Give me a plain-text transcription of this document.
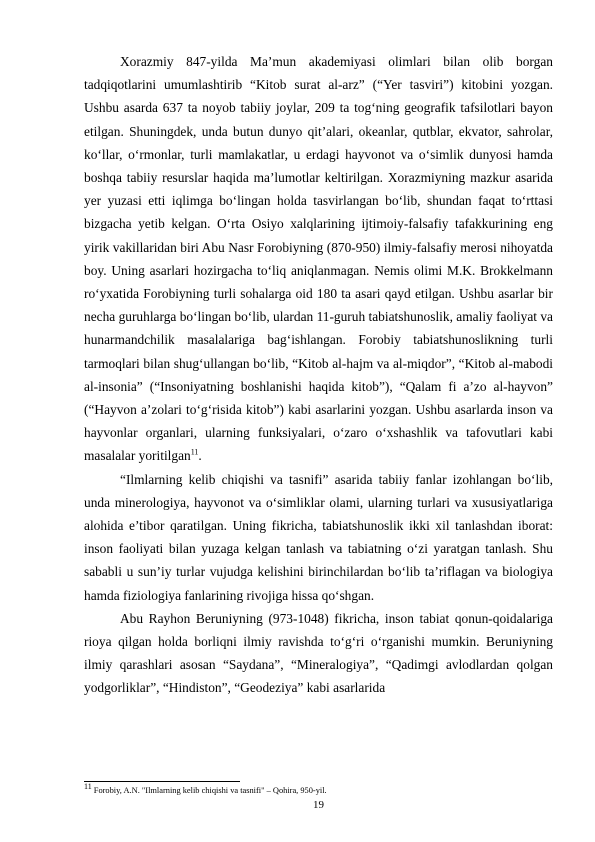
Xorazmiy 847-yilda Ma’mun akademiyasi olimlari bilan olib borgan tadqiqotlarini umumlashtirib “Kitob surat al-arz” (“Yer tasviri”) kitobini yozgan. Ushbu asarda 637 ta noyob tabiiy joylar, 209 ta tog‘ning geografik tafsilotlari bayon etilgan. Shuningdek, unda butun dunyo qit’alari, okeanlar, qutblar, ekvator, sahrolar, ko‘llar, o‘rmonlar, turli mamlakatlar, u erdagi hayvonot va o‘simlik dunyosi hamda boshqa tabiiy resurslar haqida ma’lumotlar keltirilgan. Xorazmiyning mazkur asarida yer yuzasi etti iqlimga bo‘lingan holda tasvirlangan bo‘lib, shundan faqat to‘rttasi bizgacha yetib kelgan. O‘rta Osiyo xalqlarining ijtimoiy-falsafiy tafakkurining eng yirik vakillaridan biri Abu Nasr Forobiyning (870-950) ilmiy-falsafiy merosi nihoyatda boy. Uning asarlari hozirgacha to‘liq aniqlanmagan. Nemis olimi M.K. Brokkelmann ro‘yxatida Forobiyning turli sohalarga oid 180 ta asari qayd etilgan. Ushbu asarlar bir necha guruhlarga bo‘lingan bo‘lib, ulardan 11-guruh tabiatshunoslik, amaliy faoliyat va hunarmandchilik masalalariga bag‘ishlangan. Forobiy tabiatshunoslikning turli tarmoqlari bilan shug‘ullangan bo‘lib, “Kitob al-hajm va al-miqdor”, “Kitob al-mabodi al-insonia” (“Insoniyatning boshlanishi haqida kitob”), “Qalam fi a’zo al-hayvon” (“Hayvon a’zolari to‘g‘risida kitob”) kabi asarlarini yozgan. Ushbu asarlarda inson va hayvonlar organlari, ularning funksiyalari, o‘zaro o‘xshashlik va tafovutlari kabi masalalar yoritilgan$^{11}$.

“Ilmlarning kelib chiqishi va tasnifi” asarida tabiiy fanlar izohlangan bo‘lib, unda minerologiya, hayvonot va o‘simliklar olami, ularning turlari va xususiyatlariga alohida e’tibor qaratilgan. Uning fikricha, tabiatshunoslik ikki xil tanlashdan iborat: inson faoliyati bilan yuzaga kelgan tanlash va tabiatning o‘zi yaratgan tanlash. Shu sababli u sun’iy turlar vujudga kelishini birinchilardan bo‘lib ta’riflagan va biologiya hamda fiziologiya fanlarining rivojiga hissa qo‘shgan.

Abu Rayhon Beruniyning (973-1048) fikricha, inson tabiat qonun-qoidalariga rioya qilgan holda borliqni ilmiy ravishda to‘g‘ri o‘rganishi mumkin. Beruniyning ilmiy qarashlari asosan “Saydana”, “Mineralogiya”, “Qadimgi avlodlardan qolgan yodgorliklar”, “Hindiston”, “Geodeziya” kabi asarlarida

$^{11}$ Forobiy, A.N. "Ilmlarning kelib chiqishi va tasnifi" – Qohira, 950-yil.
19
